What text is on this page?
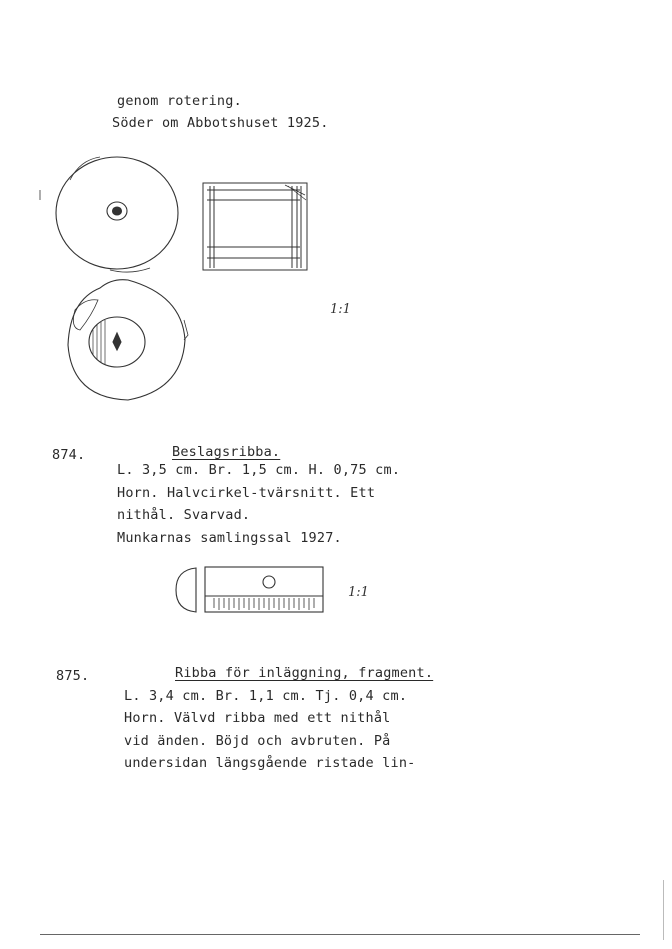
genom rotering.
Söder om Abbotshuset 1925.
1:1
874.	Beslagsribba.
L. 3,5 cm. Br. 1,5 cm. H. 0,75 cm.
Horn. Halvcirkel-tvärsnitt. Ett
nithål. Svarvad.
Munkarnas samlingssal 1927.
1:1
875.	Ribba för inläggning, fragment.
L. 3,4 cm. Br. 1,1 cm. Tj. 0,4 cm.
Horn. Välvd ribba med ett nithål
vid änden. Böjd och avbruten. På
undersidan längsgående ristade lin-
